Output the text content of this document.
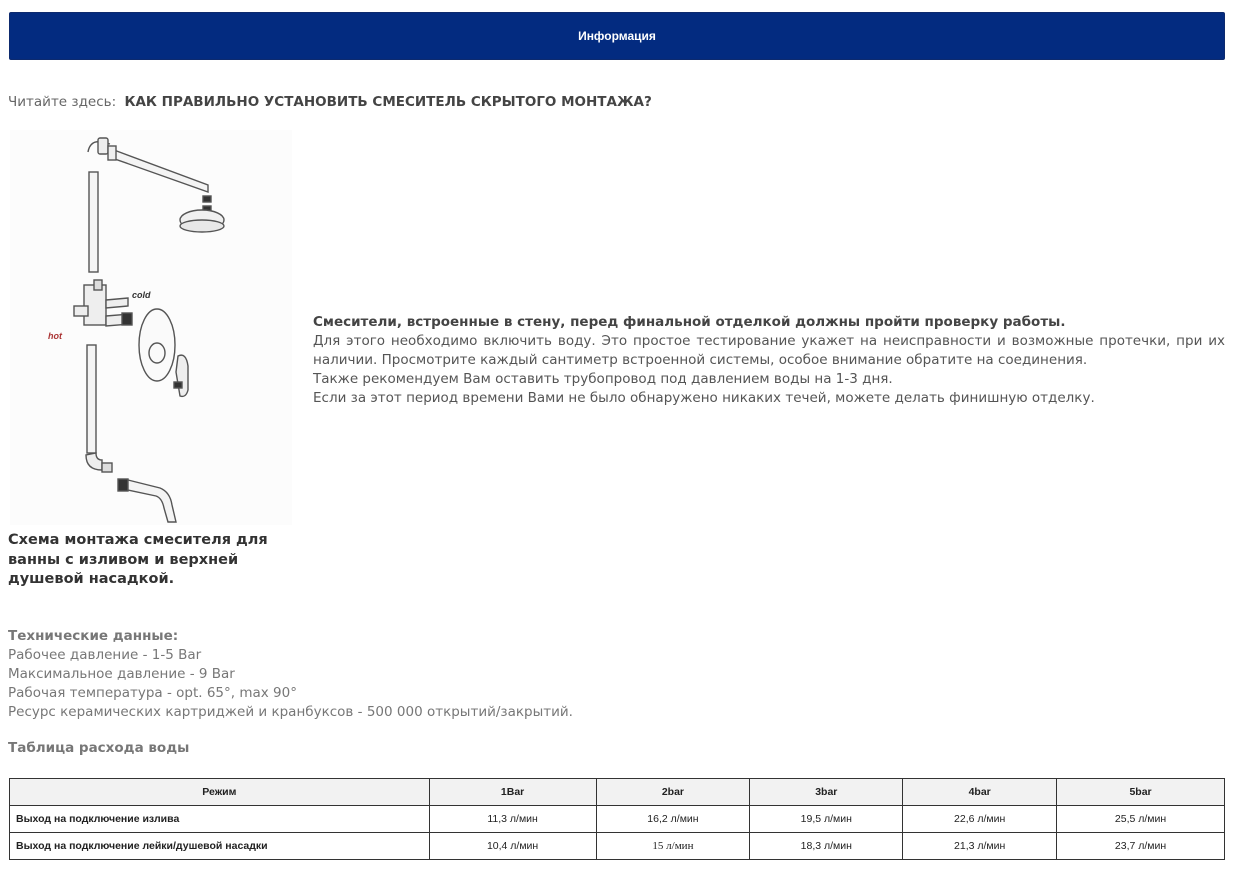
Информация
Читайте здесь: КАК ПРАВИЛЬНО УСТАНОВИТЬ СМЕСИТЕЛЬ СКРЫТОГО МОНТАЖА?
cold
hot
Схема монтажа смесителя для ванны с изливом и верхней душевой насадкой.
Смесители, встроенные в стену, перед финальной отделкой должны пройти проверку работы.
Для этого необходимо включить воду. Это простое тестирование укажет на неисправности и возможные протечки, при их наличии. Просмотрите каждый сантиметр встроенной системы, особое внимание обратите на соединения.
Также рекомендуем Вам оставить трубопровод под давлением воды на 1-3 дня.
Если за этот период времени Вами не было обнаружено никаких течей, можете делать финишную отделку.
Технические данные:
Рабочее давление - 1-5 Bar
Максимальное давление - 9 Bar
Рабочая температура - opt. 65°, max 90°
Ресурс керамических картриджей и кранбуксов - 500 000 открытий/закрытий.
Таблица расхода воды
Режим	1Bar	2bar	3bar	4bar	5bar
Выход на подключение излива	11,3 л/мин	16,2 л/мин	19,5 л/мин	22,6 л/мин	25,5 л/мин
Выход на подключение лейки/душевой насадки	10,4 л/мин	15 л/мин	18,3 л/мин	21,3 л/мин	23,7 л/мин
